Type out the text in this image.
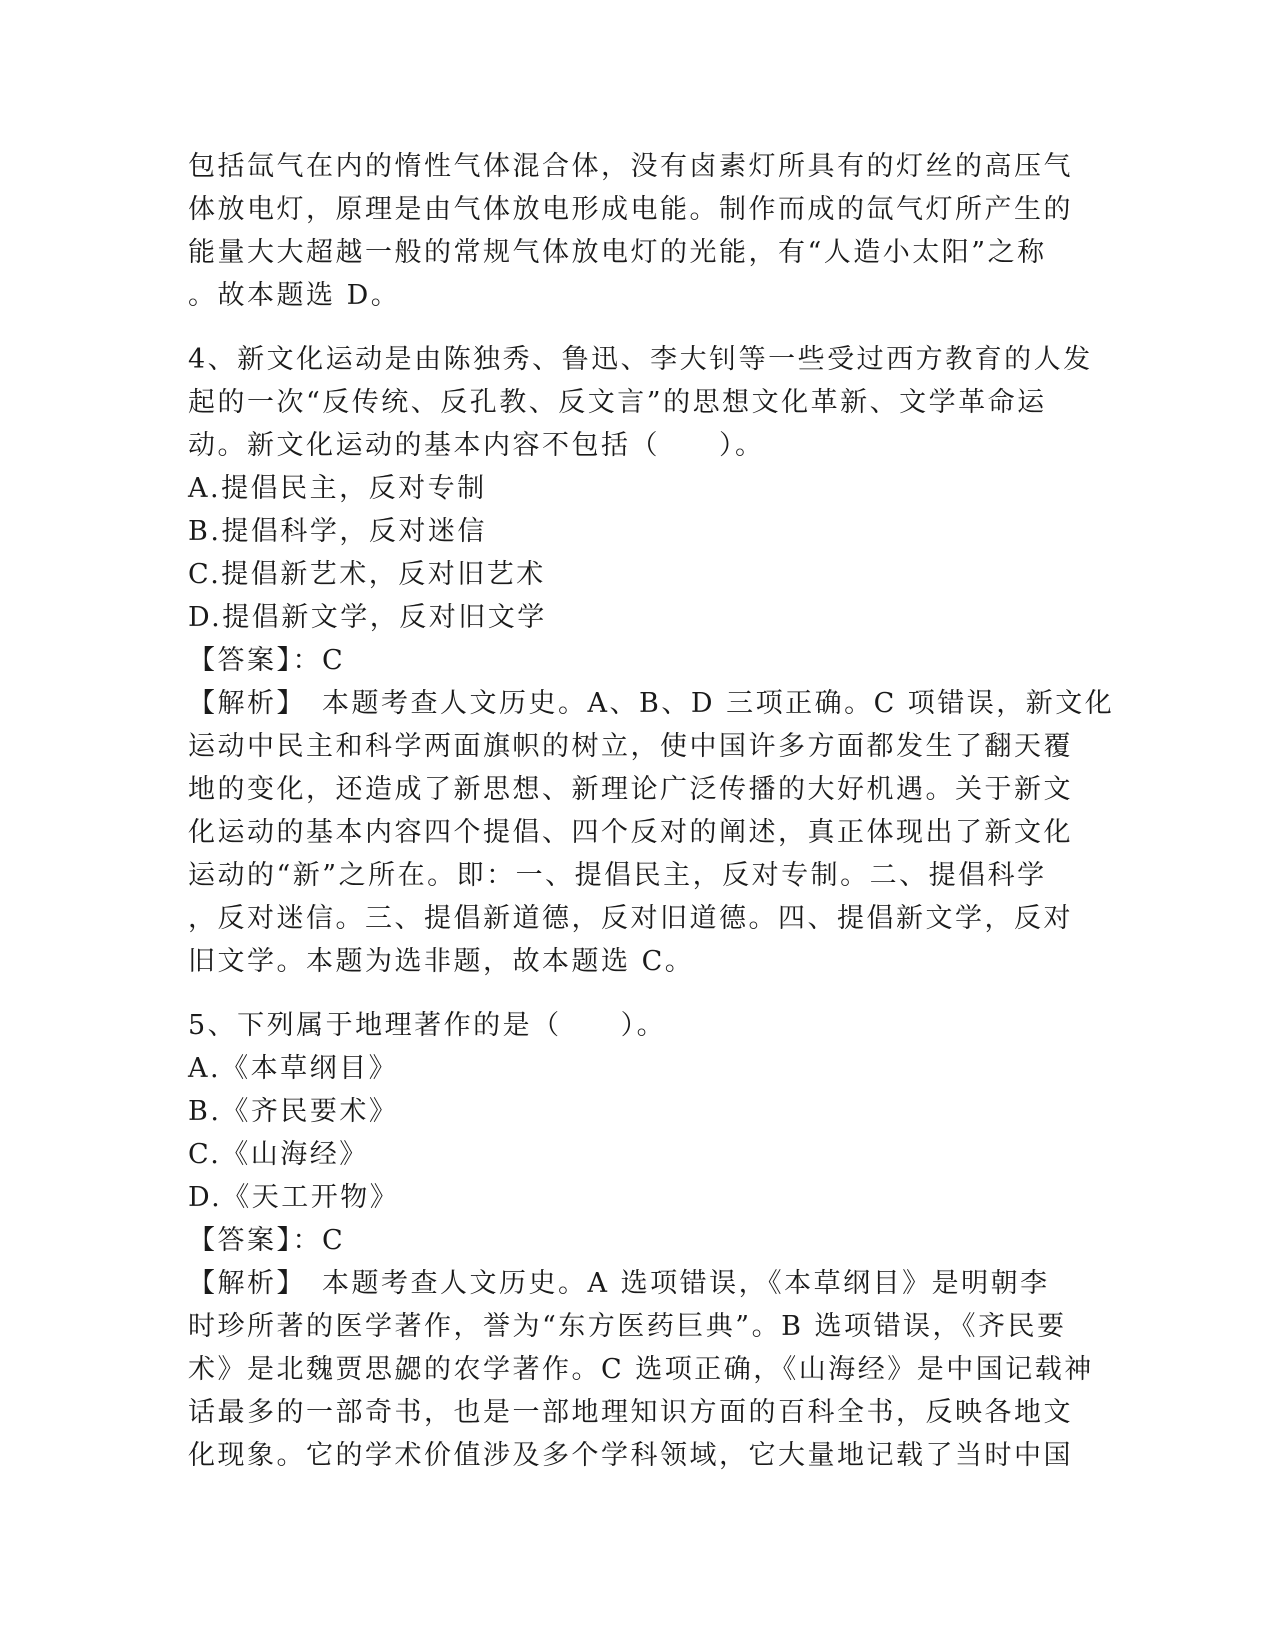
包括氙气在内的惰性气体混合体，没有卤素灯所具有的灯丝的高压气
体放电灯，原理是由气体放电形成电能。制作而成的氙气灯所产生的
能量大大超越一般的常规气体放电灯的光能，有“人造小太阳”之称
。故本题选 D。
4、新文化运动是由陈独秀、鲁迅、李大钊等一些受过西方教育的人发
起的一次“反传统、反孔教、反文言”的思想文化革新、文学革命运
动。新文化运动的基本内容不包括（　　）。
A.提倡民主，反对专制
B.提倡科学，反对迷信
C.提倡新艺术，反对旧艺术
D.提倡新文学，反对旧文学
【答案】：C
【解析】　本题考查人文历史。A、B、D 三项正确。C 项错误，新文化
运动中民主和科学两面旗帜的树立，使中国许多方面都发生了翻天覆
地的变化，还造成了新思想、新理论广泛传播的大好机遇。关于新文
化运动的基本内容四个提倡、四个反对的阐述，真正体现出了新文化
运动的“新”之所在。即：一、提倡民主，反对专制。二、提倡科学
，反对迷信。三、提倡新道德，反对旧道德。四、提倡新文学，反对
旧文学。本题为选非题，故本题选 C。
5、下列属于地理著作的是（　　）。
A.《本草纲目》
B.《齐民要术》
C.《山海经》
D.《天工开物》
【答案】：C
【解析】　本题考查人文历史。A 选项错误，《本草纲目》是明朝李
时珍所著的医学著作，誉为“东方医药巨典”。B 选项错误，《齐民要
术》是北魏贾思勰的农学著作。C 选项正确，《山海经》是中国记载神
话最多的一部奇书，也是一部地理知识方面的百科全书，反映各地文
化现象。它的学术价值涉及多个学科领域，它大量地记载了当时中国
